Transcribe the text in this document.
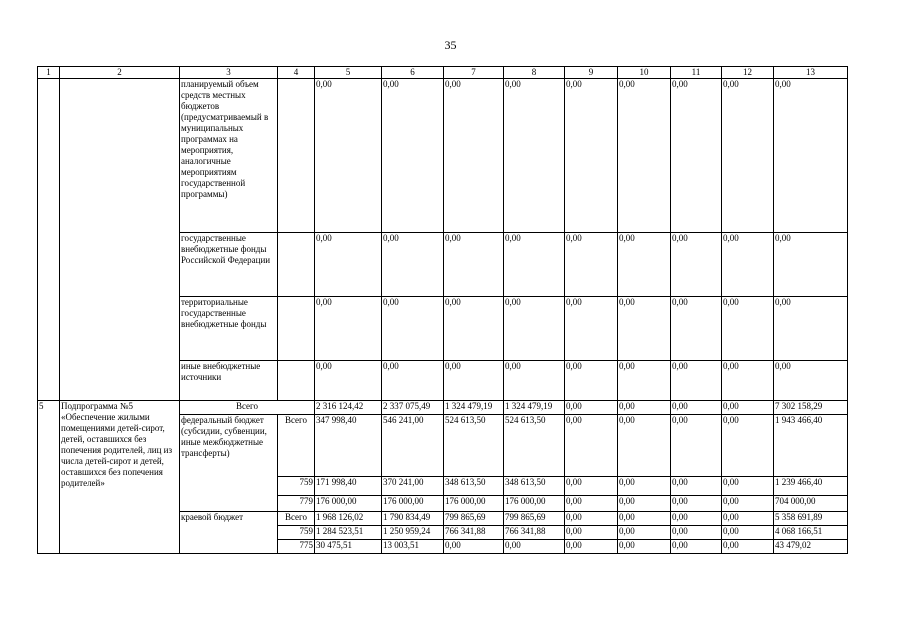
35
1	2	3	4	5	6	7	8	9	10	11	12	13
		планируемый объем средств местных бюджетов (предусматриваемый в муниципальных программах на мероприятия, аналогичные мероприятиям государственной программы)		0,00	0,00	0,00	0,00	0,00	0,00	0,00	0,00	0,00
		государственные внебюджетные фонды Российской Федерации		0,00	0,00	0,00	0,00	0,00	0,00	0,00	0,00	0,00
		территориальные государственные внебюджетные фонды		0,00	0,00	0,00	0,00	0,00	0,00	0,00	0,00	0,00
		иные внебюджетные источники		0,00	0,00	0,00	0,00	0,00	0,00	0,00	0,00	0,00
5	Подпрограмма №5 «Обеспечение жилыми помещениями детей-сирот, детей, оставшихся без попечения родителей, лиц из числа детей-сирот и детей, оставшихся без попечения родителей»	Всего		2 316 124,42	2 337 075,49	1 324 479,19	1 324 479,19	0,00	0,00	0,00	0,00	7 302 158,29
		федеральный бюджет (субсидии, субвенции, иные межбюджетные трансферты)	Всего	347 998,40	546 241,00	524 613,50	524 613,50	0,00	0,00	0,00	0,00	1 943 466,40
			759	171 998,40	370 241,00	348 613,50	348 613,50	0,00	0,00	0,00	0,00	1 239 466,40
			779	176 000,00	176 000,00	176 000,00	176 000,00	0,00	0,00	0,00	0,00	704 000,00
		краевой бюджет	Всего	1 968 126,02	1 790 834,49	799 865,69	799 865,69	0,00	0,00	0,00	0,00	5 358 691,89
			759	1 284 523,51	1 250 959,24	766 341,88	766 341,88	0,00	0,00	0,00	0,00	4 068 166,51
			775	30 475,51	13 003,51	0,00	0,00	0,00	0,00	0,00	0,00	43 479,02
